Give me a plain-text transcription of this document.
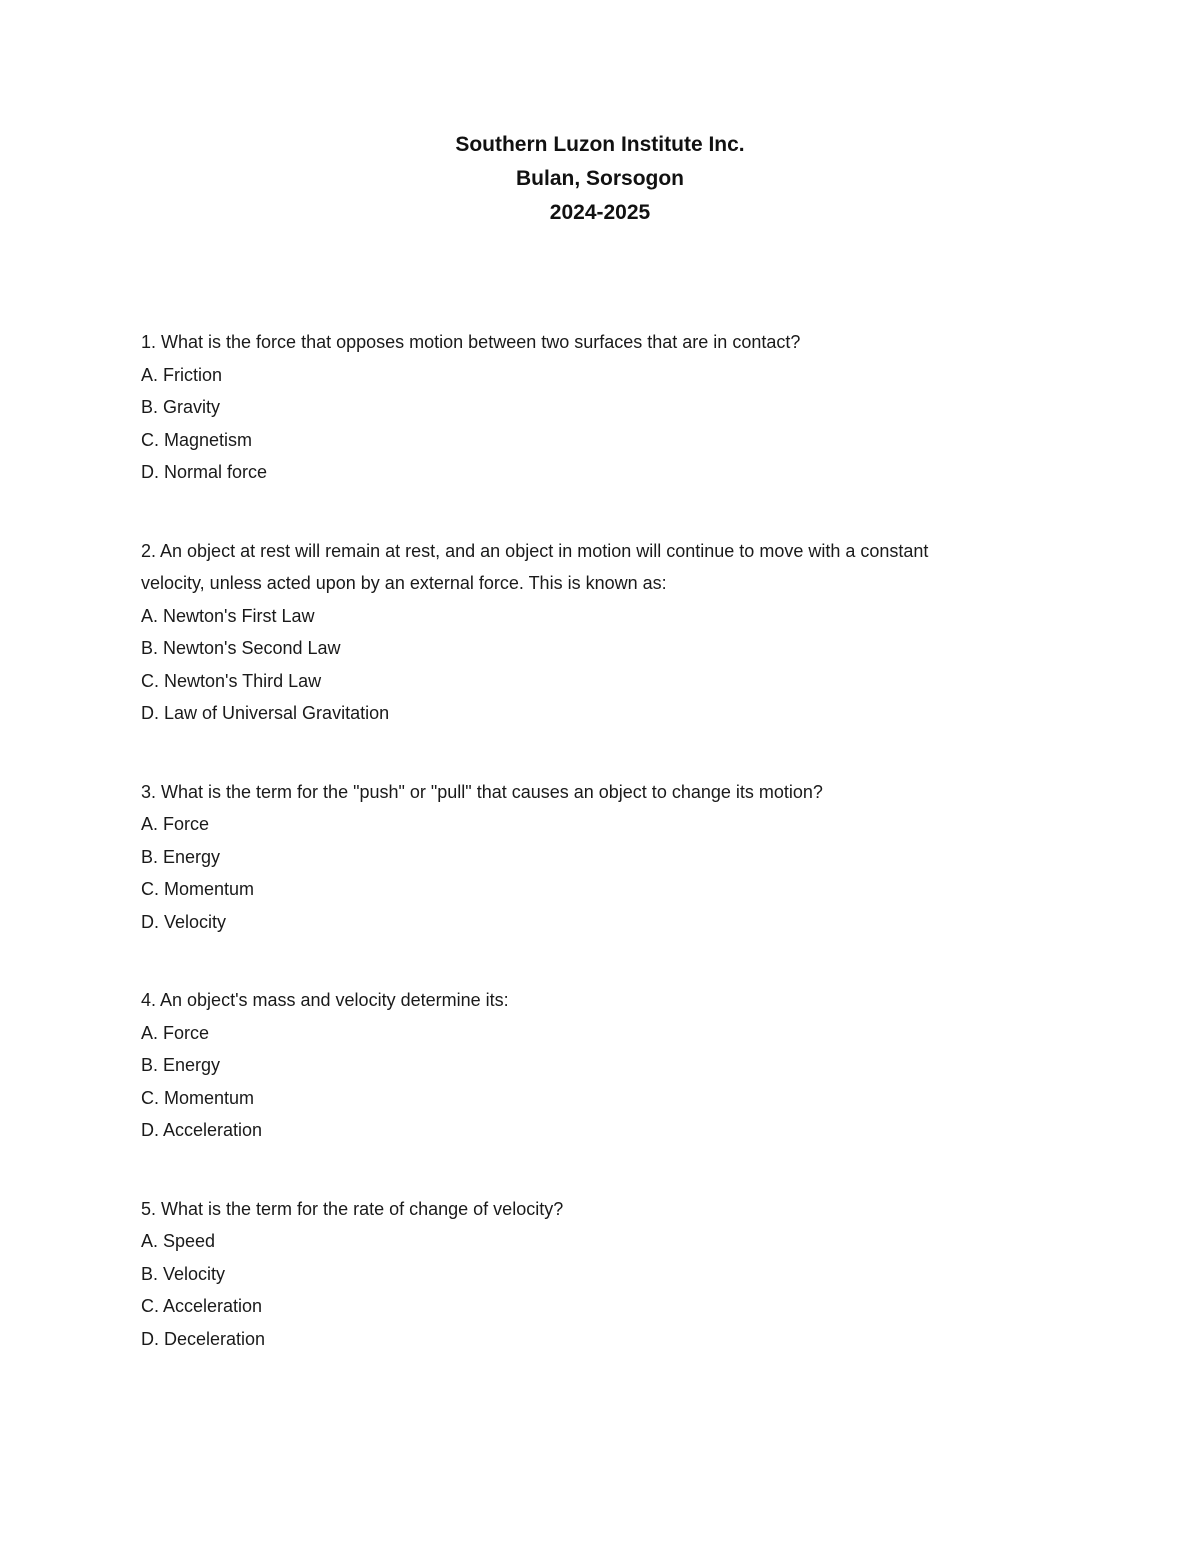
Southern Luzon Institute Inc.
Bulan, Sorsogon
2024-2025
1. What is the force that opposes motion between two surfaces that are in contact?
A. Friction
B. Gravity
C. Magnetism
D. Normal force
2. An object at rest will remain at rest, and an object in motion will continue to move with a constant velocity, unless acted upon by an external force. This is known as:
A. Newton's First Law
B. Newton's Second Law
C. Newton's Third Law
D. Law of Universal Gravitation
3. What is the term for the "push" or "pull" that causes an object to change its motion?
A. Force
B. Energy
C. Momentum
D. Velocity
4. An object's mass and velocity determine its:
A. Force
B. Energy
C. Momentum
D. Acceleration
5. What is the term for the rate of change of velocity?
A. Speed
B. Velocity
C. Acceleration
D. Deceleration
